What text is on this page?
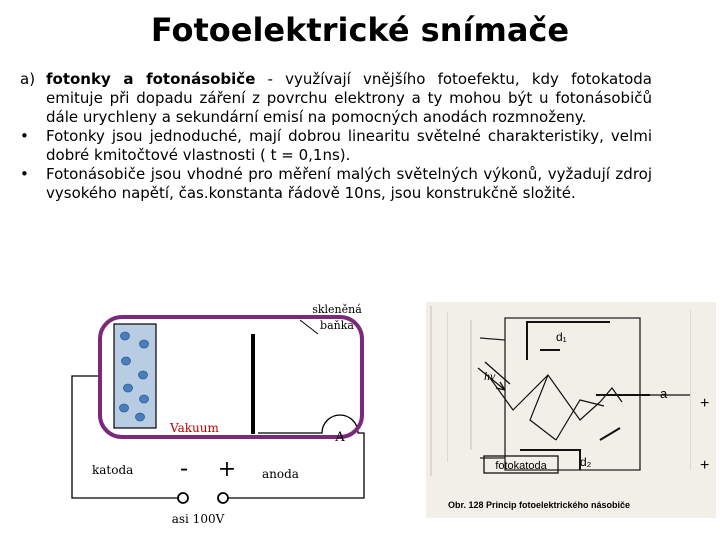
Fotoelektrické snímače

a) fotonky a fotonásobiče - využívají vnějšího fotoefektu, kdy fotokatoda emituje při dopadu záření z povrchu elektrony a ty mohou být u fotonásobičů dále urychleny a sekundární emisí na pomocných anodách rozmnoženy.

• Fotonky jsou jednoduché, mají dobrou linearitu světelné charakteristiky, velmi dobré kmitočtové vlastnosti ( t = 0,1ns).

• Fotonásobiče jsou vhodné pro měření malých světelných výkonů, vyžadují zdroj vysokého napětí, čas.konstanta řádově 10ns, jsou konstrukčně složité.

skleněná
baňka
Vakuum
A
katoda	anoda
- +
asi 100V
fotokatoda
d₁
d₂
a
hν
+
+
Obr. 128 Princip fotoelektrického násobiče
